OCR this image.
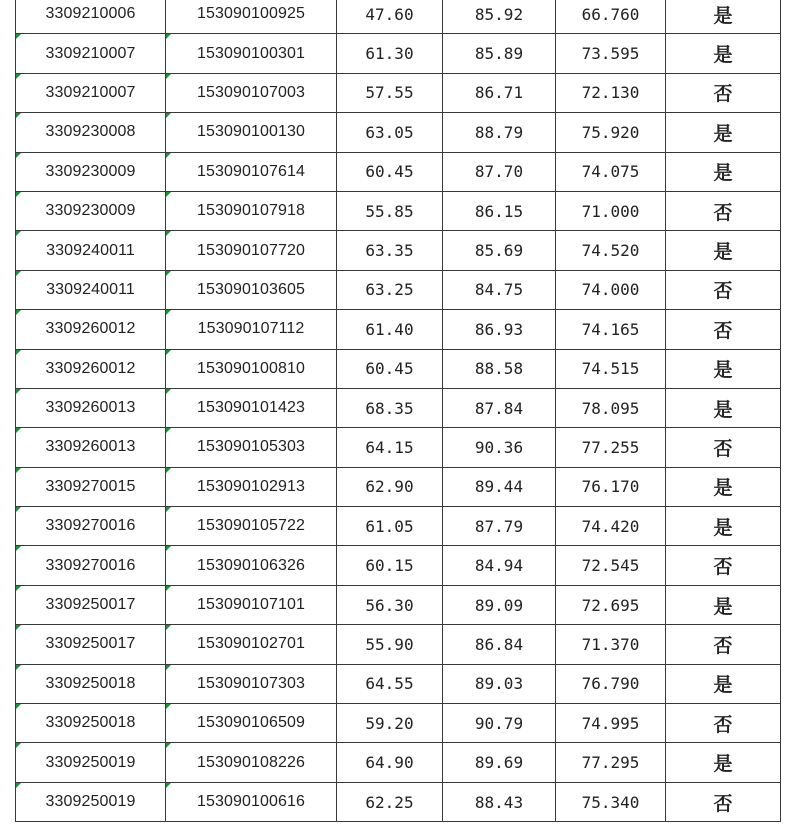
3309210006	153090100925	47.60	85.92	66.760	是
3309210007	153090100301	61.30	85.89	73.595	是
3309210007	153090107003	57.55	86.71	72.130	否
3309230008	153090100130	63.05	88.79	75.920	是
3309230009	153090107614	60.45	87.70	74.075	是
3309230009	153090107918	55.85	86.15	71.000	否
3309240011	153090107720	63.35	85.69	74.520	是
3309240011	153090103605	63.25	84.75	74.000	否
3309260012	153090107112	61.40	86.93	74.165	否
3309260012	153090100810	60.45	88.58	74.515	是
3309260013	153090101423	68.35	87.84	78.095	是
3309260013	153090105303	64.15	90.36	77.255	否
3309270015	153090102913	62.90	89.44	76.170	是
3309270016	153090105722	61.05	87.79	74.420	是
3309270016	153090106326	60.15	84.94	72.545	否
3309250017	153090107101	56.30	89.09	72.695	是
3309250017	153090102701	55.90	86.84	71.370	否
3309250018	153090107303	64.55	89.03	76.790	是
3309250018	153090106509	59.20	90.79	74.995	否
3309250019	153090108226	64.90	89.69	77.295	是
3309250019	153090100616	62.25	88.43	75.340	否
